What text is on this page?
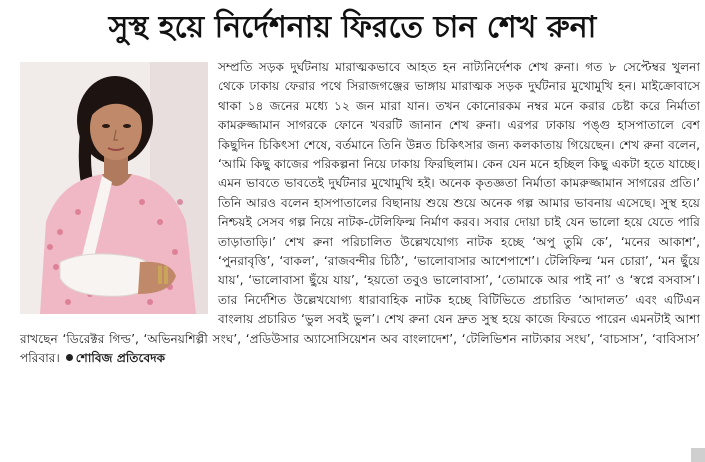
সুস্থ হয়ে নির্দেশনায় ফিরতে চান শেখ রুনা
সম্প্রতি সড়ক দুর্ঘটনায় মারাত্মকভাবে আহত হন নাট্যনির্দেশক শেখ রুনা। গত ৮ সেপ্টেম্বর খুলনা থেকে ঢাকায় ফেরার পথে সিরাজগঞ্জের ভাঙ্গায় মারাত্মক সড়ক দুর্ঘটনার মুখোমুখি হন। মাইক্রোবাসে থাকা ১৪ জনের মধ্যে ১২ জন মারা যান। তখন কোনোরকম নম্বর মনে করার চেষ্টা করে নির্মাতা কামরুজ্জামান সাগরকে ফোনে খবরটি জানান শেখ রুনা। এরপর ঢাকায় পঙ্গু হাসপাতালে বেশ কিছুদিন চিকিৎসা শেষে, বর্তমানে তিনি উন্নত চিকিৎসার জন্য কলকাতায় গিয়েছেন। শেখ রুনা বলেন, ‘আমি কিছু কাজের পরিকল্পনা নিয়ে ঢাকায় ফিরছিলাম। কেন যেন মনে হচ্ছিল কিছু একটা হতে যাচ্ছে। এমন ভাবতে ভাবতেই দুর্ঘটনার মুখোমুখি হই। অনেক কৃতজ্ঞতা নির্মাতা কামরুজ্জামান সাগরের প্রতি।’ তিনি আরও বলেন হাসপাতালের বিছানায় শুয়ে শুয়ে অনেক গল্প আমার ভাবনায় এসেছে। সুস্থ হয়ে নিশ্চয়ই সেসব গল্প নিয়ে নাটক-টেলিফিল্ম নির্মাণ করব। সবার দোয়া চাই যেন ভালো হয়ে যেতে পারি তাড়াতাড়ি।’ শেখ রুনা পরিচালিত উল্লেখযোগ্য নাটক হচ্ছে ‘অপু তুমি কে’, ‘মনের আকাশ’, ‘পুনরাবৃত্তি’, ‘বাকল’, ‘রাজবন্দীর চিঠি’, ‘ভালোবাসার আশেপাশে’। টেলিফিল্ম ‘মন চোরা’, ‘মন ছুঁয়ে যায়’, ‘ভালোবাসা ছুঁয়ে যায়’, ‘হয়তো তবুও ভালোবাসা’, ‘তোমাকে আর পাই না’ ও ‘স্বপ্নে বসবাস’। তার নির্দেশিত উল্লেখযোগ্য ধারাবাহিক নাটক হচ্ছে বিটিভিতে প্রচারিত ‘আদালত’ এবং এটিএন বাংলায় প্রচারিত ‘ভুল সবই ভুল’। শেখ রুনা যেন দ্রুত সুস্থ হয়ে কাজে ফিরতে পারেন এমনটাই আশা রাখছেন ‘ডিরেক্টর গিল্ড’, ‘অভিনয়শিল্পী সংঘ’, ‘প্রডিউসার অ্যাসোসিয়েশন অব বাংলাদেশ’, ‘টেলিভিশন নাট্যকার সংঘ’, ‘বাচসাস’, ‘বাবিসাস’ পরিবার। শোবিজ প্রতিবেদক
